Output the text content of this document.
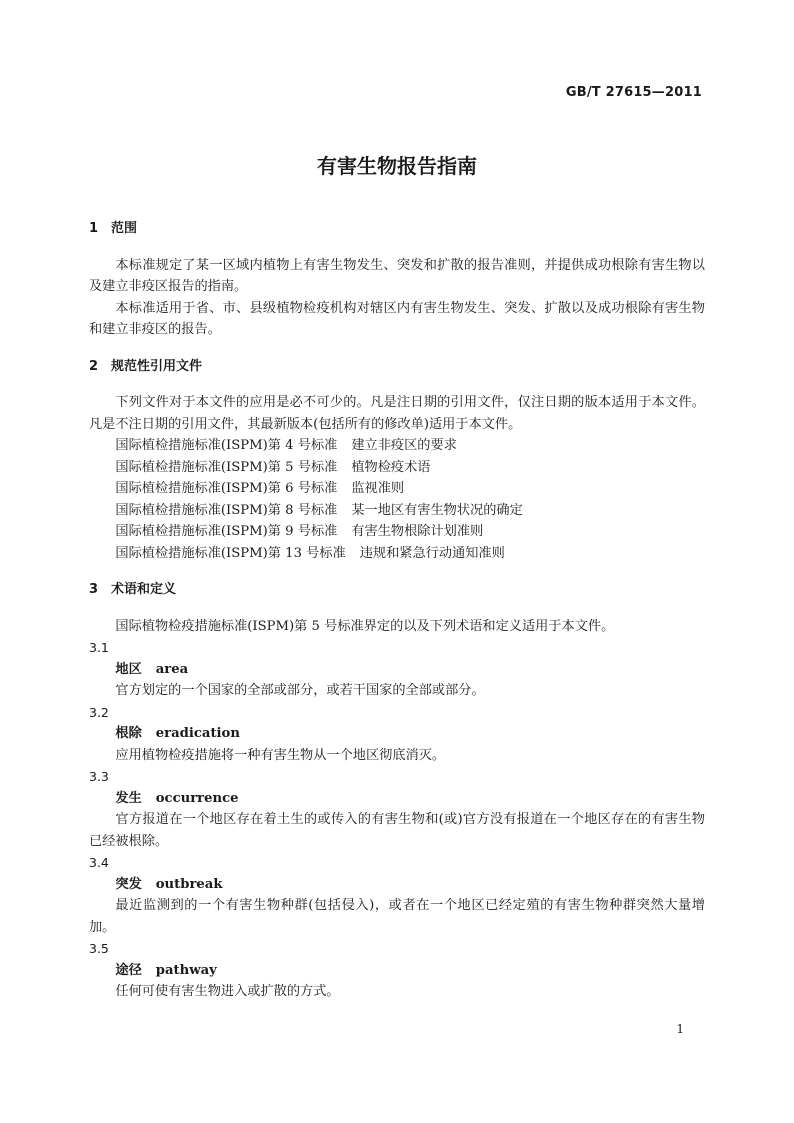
GB/T 27615—2011
有害生物报告指南

1 范围

本标准规定了某一区域内植物上有害生物发生、突发和扩散的报告准则，并提供成功根除有害生物以及建立非疫区报告的指南。

本标准适用于省、市、县级植物检疫机构对辖区内有害生物发生、突发、扩散以及成功根除有害生物和建立非疫区的报告。

2 规范性引用文件

下列文件对于本文件的应用是必不可少的。凡是注日期的引用文件，仅注日期的版本适用于本文件。凡是不注日期的引用文件，其最新版本(包括所有的修改单)适用于本文件。

国际植检措施标准(ISPM)第 4 号标准 建立非疫区的要求

国际植检措施标准(ISPM)第 5 号标准 植物检疫术语

国际植检措施标准(ISPM)第 6 号标准 监视准则

国际植检措施标准(ISPM)第 8 号标准 某一地区有害生物状况的确定

国际植检措施标准(ISPM)第 9 号标准 有害生物根除计划准则

国际植检措施标准(ISPM)第 13 号标准 违规和紧急行动通知准则

3 术语和定义

国际植物检疫措施标准(ISPM)第 5 号标准界定的以及下列术语和定义适用于本文件。

3.1

地区 area

官方划定的一个国家的全部或部分，或若干国家的全部或部分。

3.2

根除 eradication

应用植物检疫措施将一种有害生物从一个地区彻底消灭。

3.3

发生 occurrence

官方报道在一个地区存在着土生的或传入的有害生物和(或)官方没有报道在一个地区存在的有害生物已经被根除。

3.4

突发 outbreak

最近监测到的一个有害生物种群(包括侵入)，或者在一个地区已经定殖的有害生物种群突然大量增加。

3.5

途径 pathway

任何可使有害生物进入或扩散的方式。

1
